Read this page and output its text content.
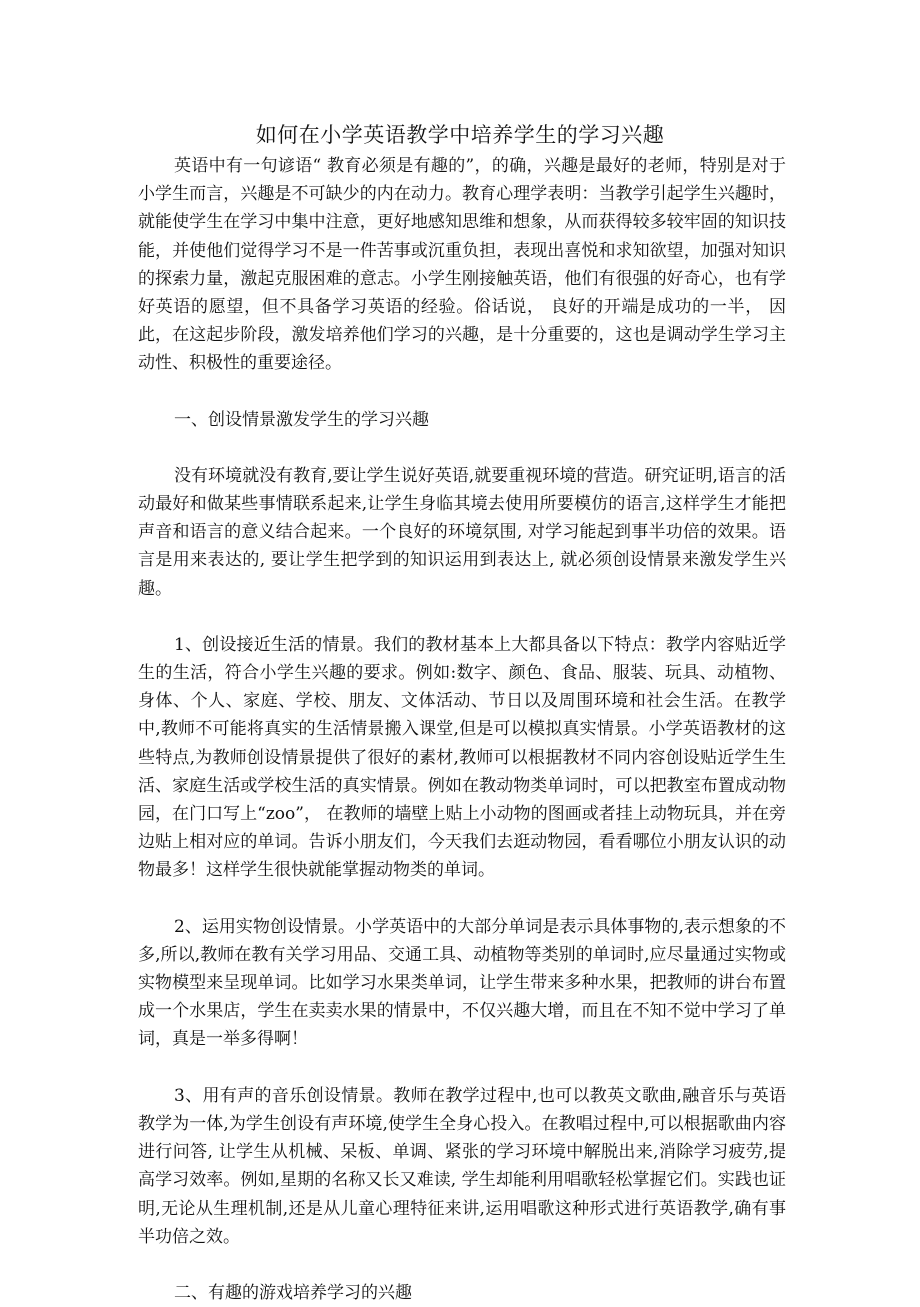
如何在小学英语教学中培养学生的学习兴趣

英语中有一句谚语“ 教育必须是有趣的”，的确，兴趣是最好的老师，特别是对于小学生而言，兴趣是不可缺少的内在动力。教育心理学表明：当教学引起学生兴趣时，就能使学生在学习中集中注意，更好地感知思维和想象，从而获得较多较牢固的知识技能，并使他们觉得学习不是一件苦事或沉重负担，表现出喜悦和求知欲望，加强对知识的探索力量，激起克服困难的意志。小学生刚接触英语，他们有很强的好奇心，也有学好英语的愿望，但不具备学习英语的经验。俗话说， 良好的开端是成功的一半， 因此，在这起步阶段，激发培养他们学习的兴趣，是十分重要的，这也是调动学生学习主动性、积极性的重要途径。

一、创设情景激发学生的学习兴趣

没有环境就没有教育,要让学生说好英语,就要重视环境的营造。研究证明,语言的活动最好和做某些事情联系起来,让学生身临其境去使用所要模仿的语言,这样学生才能把声音和语言的意义结合起来。一个良好的环境氛围, 对学习能起到事半功倍的效果。语言是用来表达的, 要让学生把学到的知识运用到表达上, 就必须创设情景来激发学生兴趣。

1、创设接近生活的情景。我们的教材基本上大都具备以下特点：教学内容贴近学生的生活，符合小学生兴趣的要求。例如:数字、颜色、食品、服装、玩具、动植物、身体、个人、家庭、学校、朋友、文体活动、节日以及周围环境和社会生活。在教学中,教师不可能将真实的生活情景搬入课堂,但是可以模拟真实情景。小学英语教材的这些特点,为教师创设情景提供了很好的素材,教师可以根据教材不同内容创设贴近学生生活、家庭生活或学校生活的真实情景。例如在教动物类单词时，可以把教室布置成动物园，在门口写上“zoo”， 在教师的墙壁上贴上小动物的图画或者挂上动物玩具，并在旁边贴上相对应的单词。告诉小朋友们，今天我们去逛动物园，看看哪位小朋友认识的动物最多！这样学生很快就能掌握动物类的单词。

2、运用实物创设情景。小学英语中的大部分单词是表示具体事物的,表示想象的不多,所以,教师在教有关学习用品、交通工具、动植物等类别的单词时,应尽量通过实物或实物模型来呈现单词。比如学习水果类单词，让学生带来多种水果，把教师的讲台布置成一个水果店，学生在卖卖水果的情景中，不仅兴趣大增，而且在不知不觉中学习了单词，真是一举多得啊！

3、用有声的音乐创设情景。教师在教学过程中,也可以教英文歌曲,融音乐与英语教学为一体,为学生创设有声环境,使学生全身心投入。在教唱过程中,可以根据歌曲内容进行问答, 让学生从机械、呆板、单调、紧张的学习环境中解脱出来,消除学习疲劳,提高学习效率。例如,星期的名称又长又难读, 学生却能利用唱歌轻松掌握它们。实践也证明,无论从生理机制,还是从儿童心理特征来讲,运用唱歌这种形式进行英语教学,确有事半功倍之效。

二、有趣的游戏培养学习的兴趣
